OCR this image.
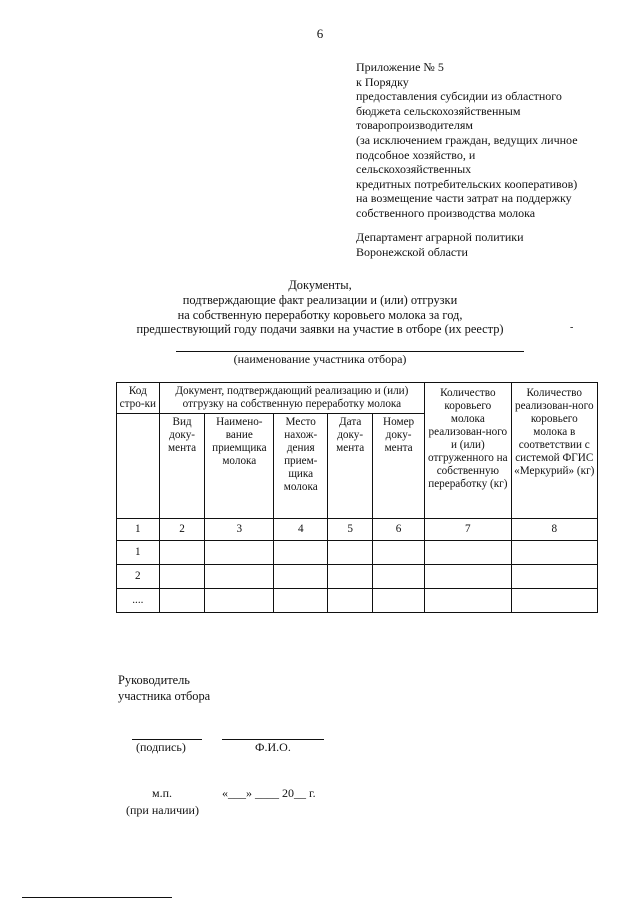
6
Приложение № 5
к Порядку
предоставления субсидии из областного
бюджета сельскохозяйственным
товаропроизводителям
(за исключением граждан, ведущих личное
подсобное хозяйство, и
сельскохозяйственных
кредитных потребительских кооперативов)
на возмещение части затрат на поддержку
собственного производства молока
Департамент аграрной политики
Воронежской области
Документы,
подтверждающие факт реализации и (или) отгрузки
на собственную переработку коровьего молока за год,
предшествующий году подачи заявки на участие в отборе (их реестр)	-
(наименование участника отбора)
Код стро-ки	Документ, подтверждающий реализацию и (или) отгрузку на собственную переработку молока					Количество коровьего молока реализован-ного и (или) отгруженного на собственную переработку (кг)	Количество реализован-ного коровьего молока в соответствии с системой ФГИС «Меркурий» (кг)
	Вид доку-мента	Наимено-вание приемщика молока	Место нахож-дения прием-щика молока	Дата доку-мента	Номер доку-мента		
1	2	3	4	5	6	7	8
1							
2							
....							
Руководитель
участника отбора
(подпись)	Ф.И.О.
м.п.
(при наличии)
«___» ____ 20__ г.
